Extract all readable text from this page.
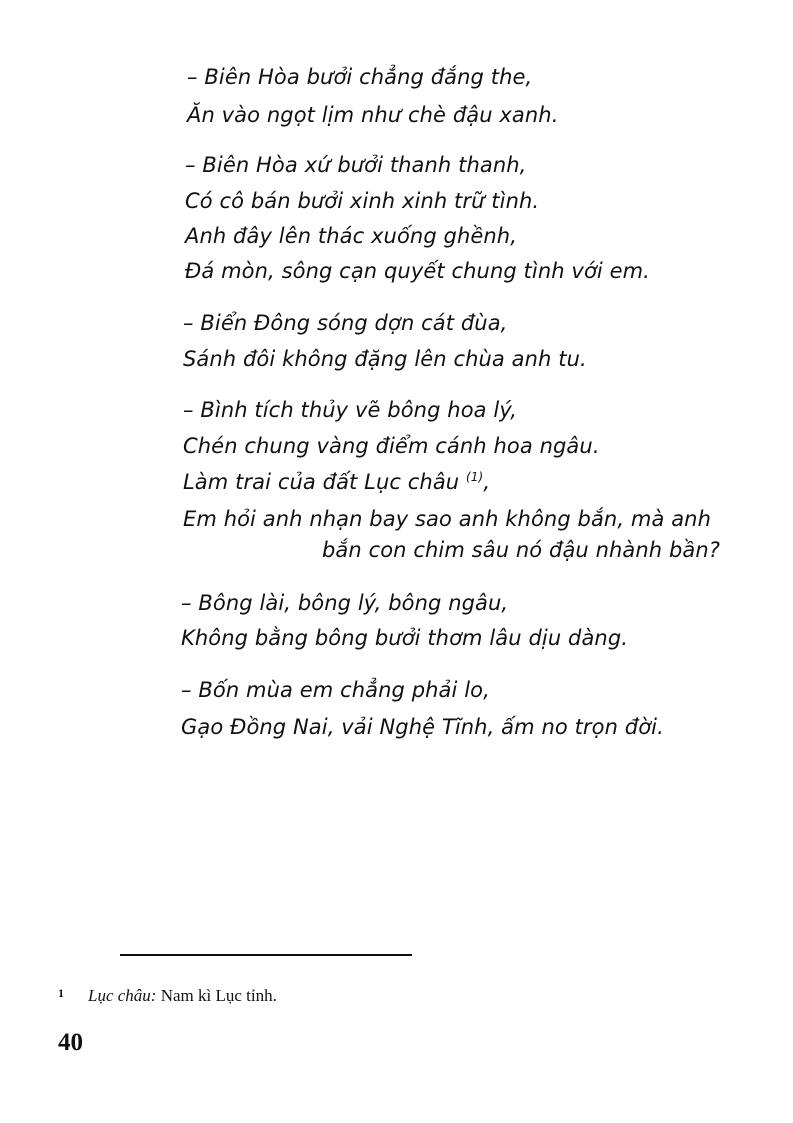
– Biên Hòa bưởi chẳng đắng the,
Ăn vào ngọt lịm như chè đậu xanh.
– Biên Hòa xứ bưởi thanh thanh,
Có cô bán bưởi xinh xinh trữ tình.
Anh đây lên thác xuống ghềnh,
Đá mòn, sông cạn quyết chung tình với em.
– Biển Đông sóng dợn cát đùa,
Sánh đôi không đặng lên chùa anh tu.
– Bình tích thủy vẽ bông hoa lý,
Chén chung vàng điểm cánh hoa ngâu.
Làm trai của đất Lục châu $^{(1)}$,
Em hỏi anh nhạn bay sao anh không bắn, mà anh
bắn con chim sâu nó đậu nhành bần?
– Bông lài, bông lý, bông ngâu,
Không bằng bông bưởi thơm lâu dịu dàng.
– Bốn mùa em chẳng phải lo,
Gạo Đồng Nai, vải Nghệ Tĩnh, ấm no trọn đời.
1 Lục châu: Nam kì Lục tỉnh.
40
